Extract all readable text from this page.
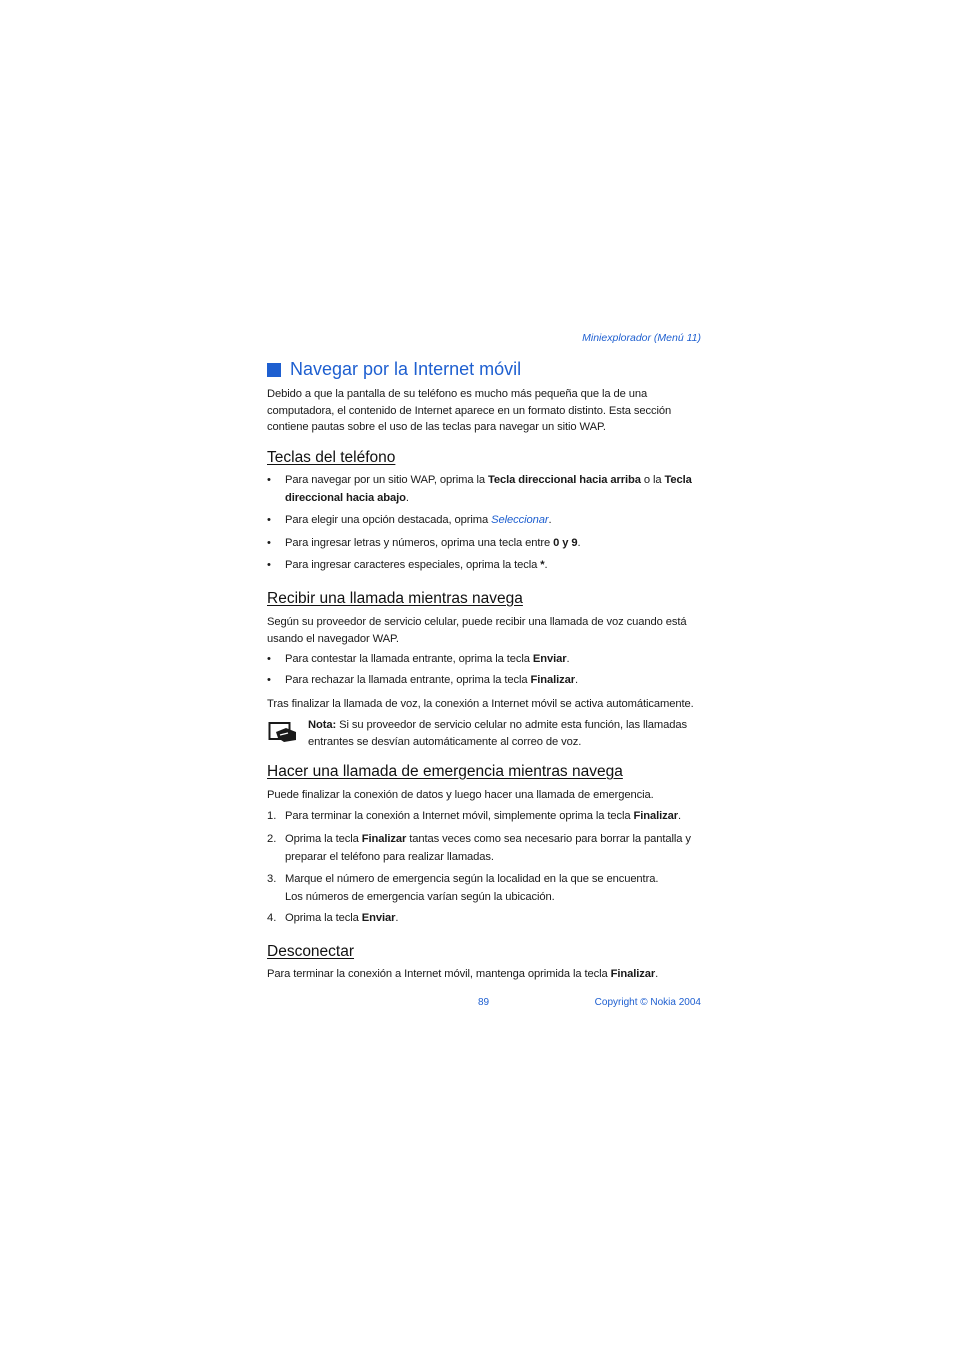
Miniexplorador (Menú 11)
Navegar por la Internet móvil
Debido a que la pantalla de su teléfono es mucho más pequeña que la de una computadora, el contenido de Internet aparece en un formato distinto. Esta sección contiene pautas sobre el uso de las teclas para navegar un sitio WAP.
Teclas del teléfono
• Para navegar por un sitio WAP, oprima la Tecla direccional hacia arriba o la Tecla direccional hacia abajo.
• Para elegir una opción destacada, oprima Seleccionar.
• Para ingresar letras y números, oprima una tecla entre 0 y 9.
• Para ingresar caracteres especiales, oprima la tecla *.
Recibir una llamada mientras navega
Según su proveedor de servicio celular, puede recibir una llamada de voz cuando está usando el navegador WAP.
• Para contestar la llamada entrante, oprima la tecla Enviar.
• Para rechazar la llamada entrante, oprima la tecla Finalizar.
Tras finalizar la llamada de voz, la conexión a Internet móvil se activa automáticamente.
Nota: Si su proveedor de servicio celular no admite esta función, las llamadas entrantes se desvían automáticamente al correo de voz.
Hacer una llamada de emergencia mientras navega
Puede finalizar la conexión de datos y luego hacer una llamada de emergencia.
1. Para terminar la conexión a Internet móvil, simplemente oprima la tecla Finalizar.
2. Oprima la tecla Finalizar tantas veces como sea necesario para borrar la pantalla y preparar el teléfono para realizar llamadas.
3. Marque el número de emergencia según la localidad en la que se encuentra.
Los números de emergencia varían según la ubicación.
4. Oprima la tecla Enviar.
Desconectar
Para terminar la conexión a Internet móvil, mantenga oprimida la tecla Finalizar.
89	Copyright © Nokia 2004
